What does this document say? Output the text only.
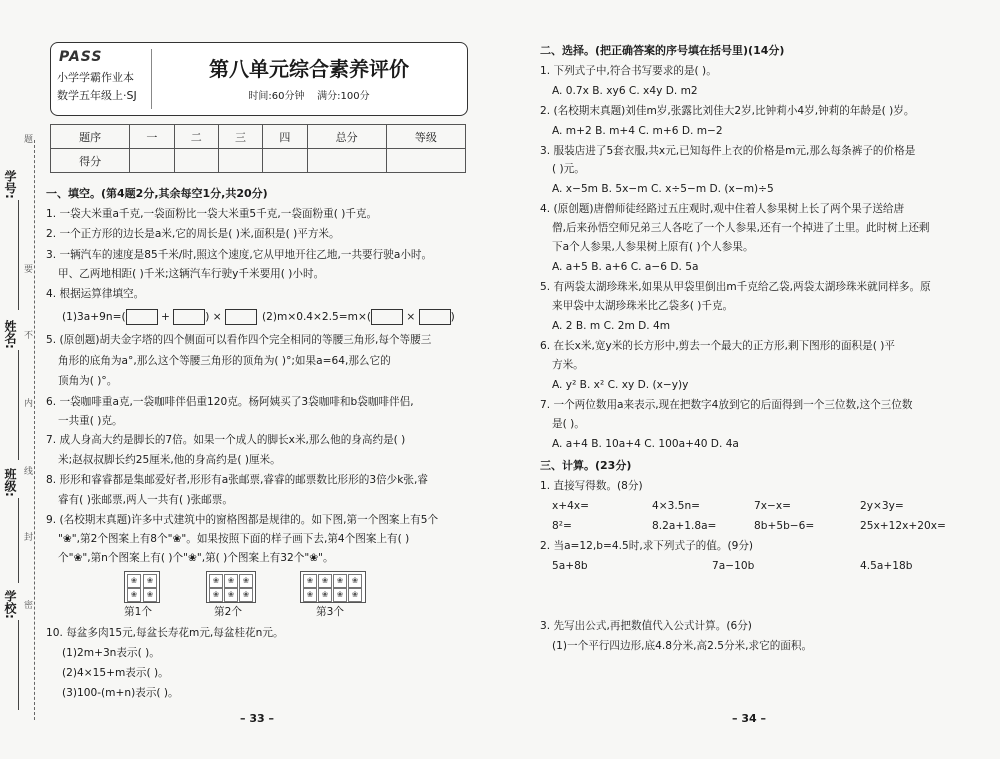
学号:
姓名:
班级:
学校:
题
要
不
内
线
封
密
PASS
小学学霸作业本
数学五年级上·SJ
第八单元综合素养评价
时间:60分钟 满分:100分
题序	一	二	三	四	总分	等级
得分						
一、填空。(第4题2分,其余每空1分,共20分)
1. 一袋大米重a千克,一袋面粉比一袋大米重5千克,一袋面粉重( )千克。
2. 一个正方形的边长是a米,它的周长是( )米,面积是( )平方米。
3. 一辆汽车的速度是85千米/时,照这个速度,它从甲地开往乙地,一共要行驶a小时。
甲、乙两地相距( )千米;这辆汽车行驶y千米要用( )小时。
4. 根据运算律填空。
(1)3a+9n=(	+	) ×	(2)m×0.4×2.5=m×(	×	)
5. (原创题)胡夫金字塔的四个侧面可以看作四个完全相同的等腰三角形,每个等腰三
角形的底角为a°,那么这个等腰三角形的顶角为( )°;如果a=64,那么它的
顶角为( )°。
6. 一袋咖啡重a克,一袋咖啡伴侣重120克。杨阿姨买了3袋咖啡和b袋咖啡伴侣,
一共重( )克。
7. 成人身高大约是脚长的7倍。如果一个成人的脚长x米,那么他的身高约是( )
米;赵叔叔脚长约25厘米,他的身高约是( )厘米。
8. 形形和睿睿都是集邮爱好者,形形有a张邮票,睿睿的邮票数比形形的3倍少k张,睿
睿有( )张邮票,两人一共有( )张邮票。
9. (名校期末真题)许多中式建筑中的窗格图都是规律的。如下图,第一个图案上有5个
"❀",第2个图案上有8个"❀"。如果按照下面的样子画下去,第4个图案上有( )
个"❀",第n个图案上有( )个"❀",第( )个图案上有32个"❀"。
❀	❀
❀	❀
❀	❀	❀
❀	❀	❀
❀	❀	❀	❀
❀	❀	❀	❀
第1个	第2个	第3个
10. 每盆多肉15元,每盆长寿花m元,每盆桂花n元。
(1)2m+3n表示( )。
(2)4×15+m表示( )。
(3)100-(m+n)表示( )。
– 33 –
二、选择。(把正确答案的序号填在括号里)(14分)
1. 下列式子中,符合书写要求的是( )。
A. 0.7x B. xy6 C. x4y D. m2
2. (名校期末真题)刘佳m岁,张露比刘佳大2岁,比钟莉小4岁,钟莉的年龄是( )岁。
A. m+2 B. m+4 C. m+6 D. m−2
3. 服装店进了5套衣服,共x元,已知每件上衣的价格是m元,那么每条裤子的价格是
( )元。
A. x−5m B. 5x−m C. x÷5−m D. (x−m)÷5
4. (原创题)唐僧师徒经路过五庄观时,观中住着人参果树上长了两个果子送给唐
僧,后来孙悟空师兄弟三人各吃了一个人参果,还有一个掉进了土里。此时树上还剩
下a个人参果,人参果树上原有( )个人参果。
A. a+5 B. a+6 C. a−6 D. 5a
5. 有两袋太湖珍珠米,如果从甲袋里倒出m千克给乙袋,两袋太湖珍珠米就同样多。原
来甲袋中太湖珍珠米比乙袋多( )千克。
A. 2 B. m C. 2m D. 4m
6. 在长x米,宽y米的长方形中,剪去一个最大的正方形,剩下图形的面积是( )平
方米。
A. y² B. x² C. xy D. (x−y)y
7. 一个两位数用a来表示,现在把数字4放到它的后面得到一个三位数,这个三位数
是( )。
A. a+4 B. 10a+4 C. 100a+40 D. 4a
三、计算。(23分)
1. 直接写得数。(8分)
x+4x=	4×3.5n=	7x−x=	2y×3y=
8²=	8.2a+1.8a=	8b+5b−6=	25x+12x+20x=
2. 当a=12,b=4.5时,求下列式子的值。(9分)
5a+8b	7a−10b	4.5a+18b
3. 先写出公式,再把数值代入公式计算。(6分)
(1)一个平行四边形,底4.8分米,高2.5分米,求它的面积。
– 34 –
